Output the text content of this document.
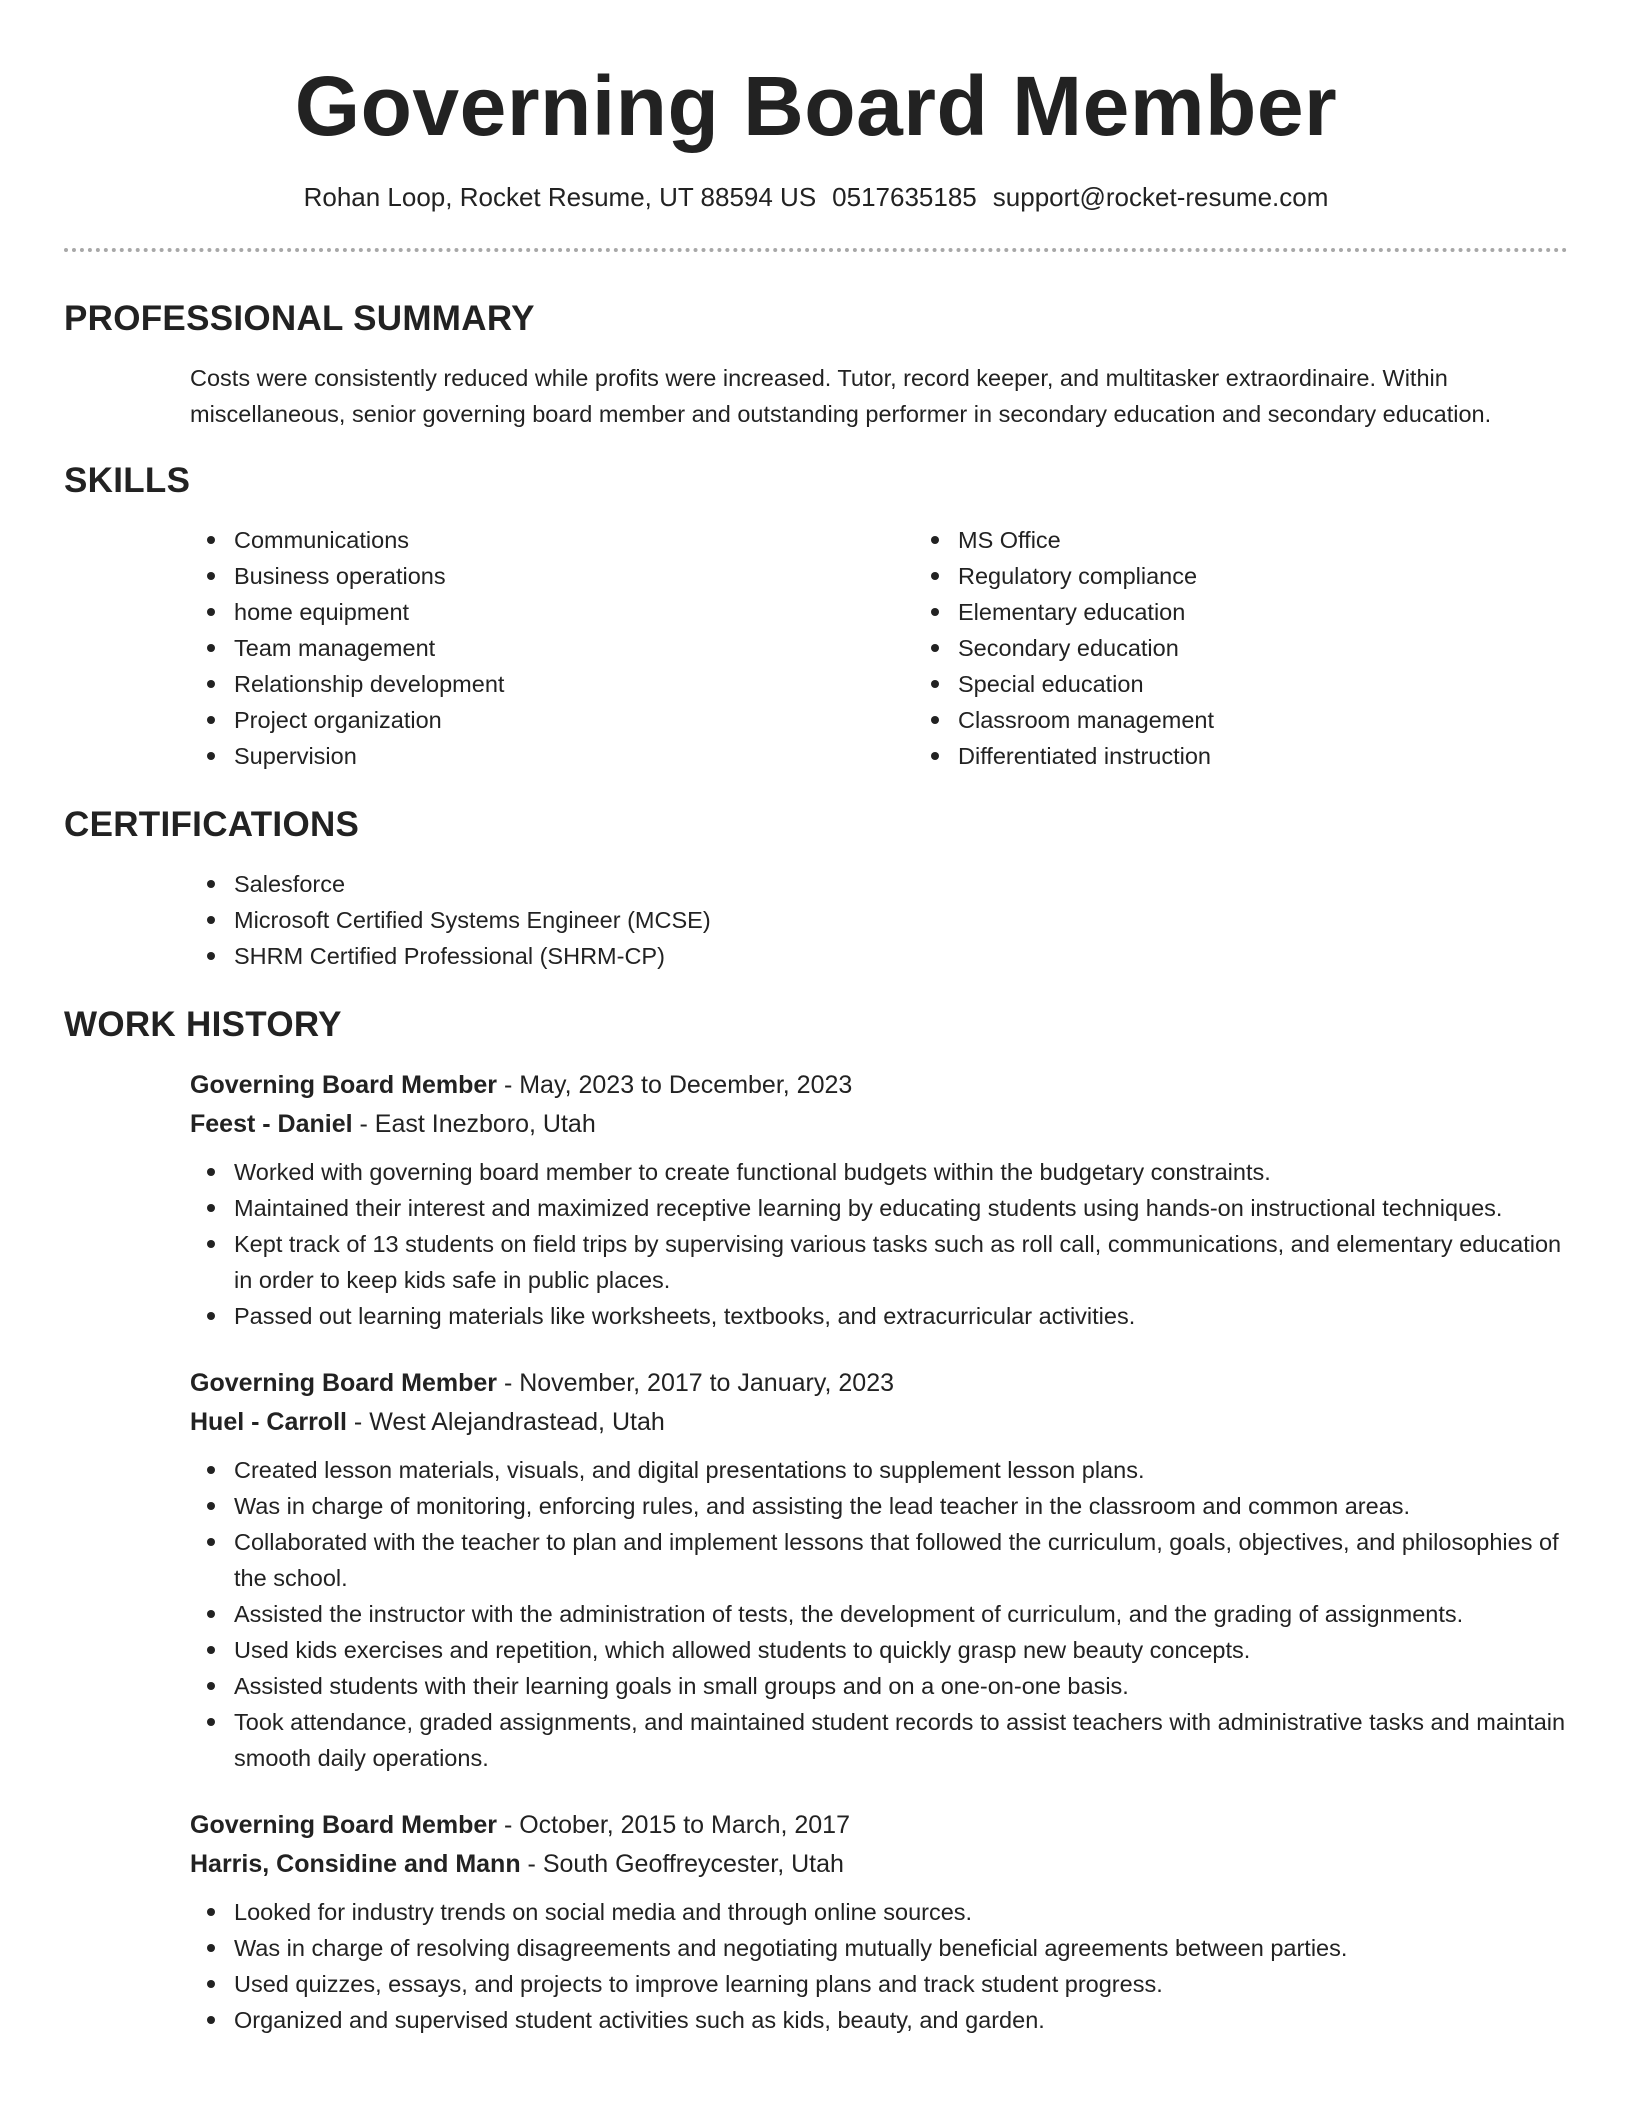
Governing Board Member
Rohan Loop, Rocket Resume, UT 88594 US 0517635185 support@rocket-resume.com
PROFESSIONAL SUMMARY

Costs were consistently reduced while profits were increased. Tutor, record keeper, and multitasker extraordinaire. Within miscellaneous, senior governing board member and outstanding performer in secondary education and secondary education.

SKILLS
Communications
Business operations
home equipment
Team management
Relationship development
Project organization
Supervision
MS Office
Regulatory compliance
Elementary education
Secondary education
Special education
Classroom management
Differentiated instruction
CERTIFICATIONS
Salesforce
Microsoft Certified Systems Engineer (MCSE)
SHRM Certified Professional (SHRM-CP)
WORK HISTORY
Governing Board Member - May, 2023 to December, 2023
Feest - Daniel - East Inezboro, Utah
Worked with governing board member to create functional budgets within the budgetary constraints.
Maintained their interest and maximized receptive learning by educating students using hands-on instructional techniques.
Kept track of 13 students on field trips by supervising various tasks such as roll call, communications, and elementary education in order to keep kids safe in public places.
Passed out learning materials like worksheets, textbooks, and extracurricular activities.
Governing Board Member - November, 2017 to January, 2023
Huel - Carroll - West Alejandrastead, Utah
Created lesson materials, visuals, and digital presentations to supplement lesson plans.
Was in charge of monitoring, enforcing rules, and assisting the lead teacher in the classroom and common areas.
Collaborated with the teacher to plan and implement lessons that followed the curriculum, goals, objectives, and philosophies of the school.
Assisted the instructor with the administration of tests, the development of curriculum, and the grading of assignments.
Used kids exercises and repetition, which allowed students to quickly grasp new beauty concepts.
Assisted students with their learning goals in small groups and on a one-on-one basis.
Took attendance, graded assignments, and maintained student records to assist teachers with administrative tasks and maintain smooth daily operations.
Governing Board Member - October, 2015 to March, 2017
Harris, Considine and Mann - South Geoffreycester, Utah
Looked for industry trends on social media and through online sources.
Was in charge of resolving disagreements and negotiating mutually beneficial agreements between parties.
Used quizzes, essays, and projects to improve learning plans and track student progress.
Organized and supervised student activities such as kids, beauty, and garden.
